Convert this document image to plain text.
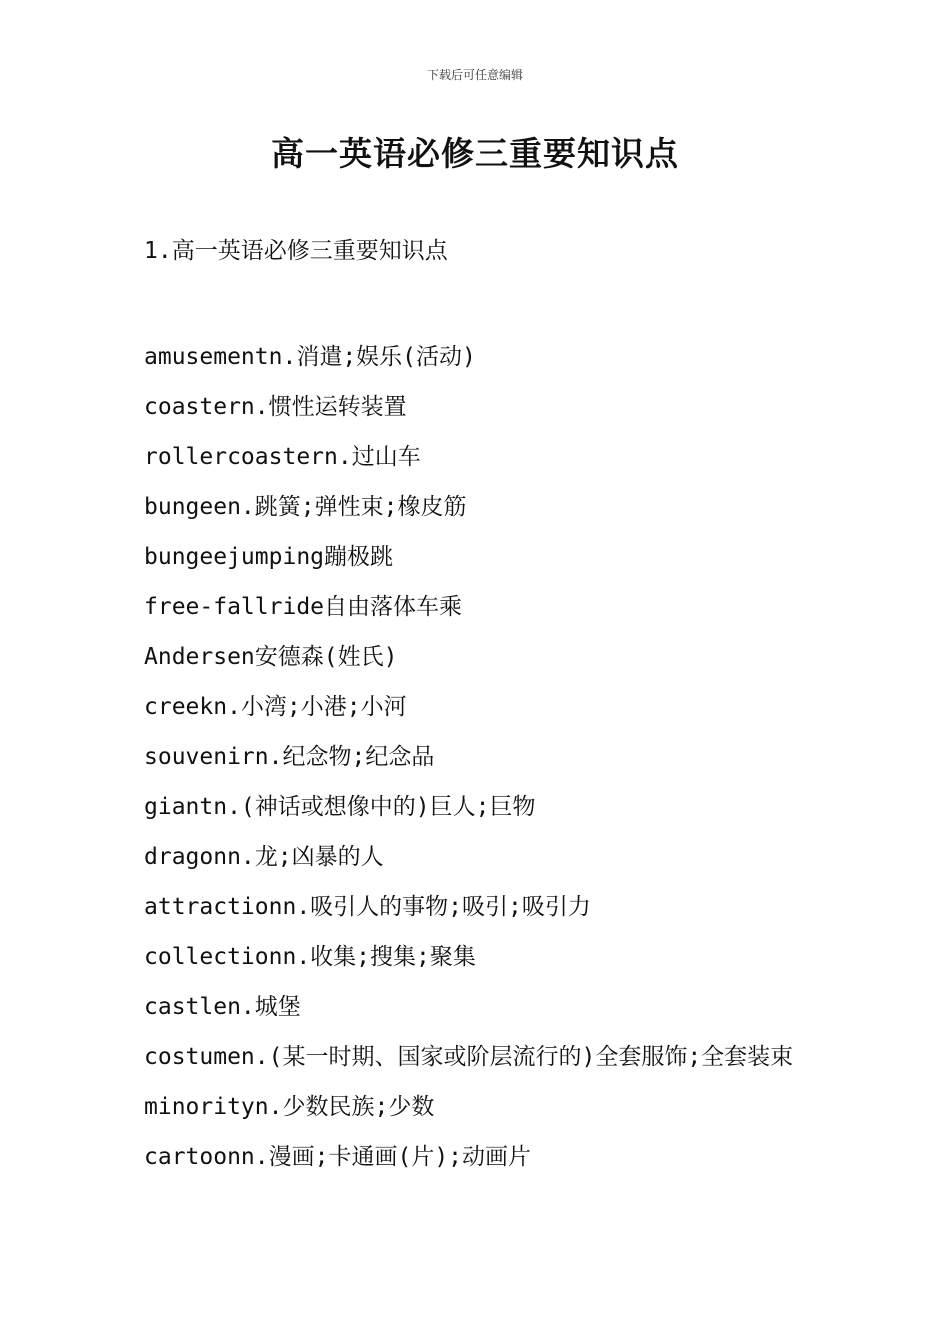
下载后可任意编辑
高一英语必修三重要知识点
1.高一英语必修三重要知识点
amusementn.消遣;娱乐(活动)
coastern.惯性运转装置
rollercoastern.过山车
bungeen.跳簧;弹性束;橡皮筋
bungeejumping蹦极跳
free-fallride自由落体车乘
Andersen安德森(姓氏)
creekn.小湾;小港;小河
souvenirn.纪念物;纪念品
giantn.(神话或想像中的)巨人;巨物
dragonn.龙;凶暴的人
attractionn.吸引人的事物;吸引;吸引力
collectionn.收集;搜集;聚集
castlen.城堡
costumen.(某一时期、国家或阶层流行的)全套服饰;全套装束
minorityn.少数民族;少数
cartoonn.漫画;卡通画(片);动画片
